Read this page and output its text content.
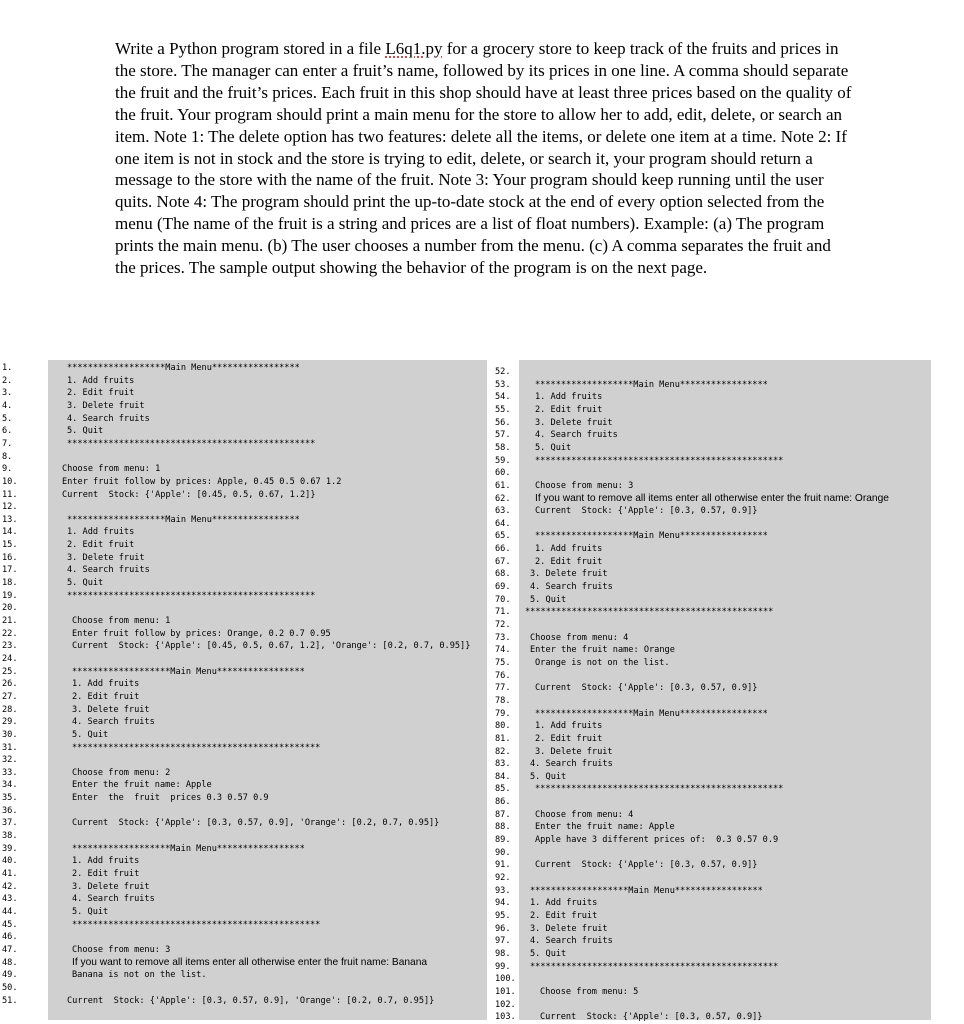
Write a Python program stored in a file L6q1.py for a grocery store to keep track of the fruits and prices in the store. The manager can enter a fruit’s name, followed by its prices in one line. A comma should separate the fruit and the fruit’s prices. Each fruit in this shop should have at least three prices based on the quality of the fruit. Your program should print a main menu for the store to allow her to add, edit, delete, or search an item. Note 1: The delete option has two features: delete all the items, or delete one item at a time. Note 2: If one item is not in stock and the store is trying to edit, delete, or search it, your program should return a message to the store with the name of the fruit. Note 3: Your program should keep running until the user quits. Note 4: The program should print the up-to-date stock at the end of every option selected from the menu (The name of the fruit is a string and prices are a list of float numbers). Example: (a) The program prints the main menu. (b) The user chooses a number from the menu. (c) A comma separates the fruit and the prices. The sample output showing the behavior of the program is on the next page.

1.	*******************Main Menu*****************
2.	1. Add fruits
3.	2. Edit fruit
4.	3. Delete fruit
5.	4. Search fruits
6.	5. Quit
7.	************************************************
8.
9.	Choose from menu: 1
10.	Enter fruit follow by prices: Apple, 0.45 0.5 0.67 1.2
11.	Current  Stock: {'Apple': [0.45, 0.5, 0.67, 1.2]}
12.
13.	*******************Main Menu*****************
14.	1. Add fruits
15.	2. Edit fruit
16.	3. Delete fruit
17.	4. Search fruits
18.	5. Quit
19.	************************************************
20.
21.	Choose from menu: 1
22.	Enter fruit follow by prices: Orange, 0.2 0.7 0.95
23.	Current  Stock: {'Apple': [0.45, 0.5, 0.67, 1.2], 'Orange': [0.2, 0.7, 0.95]}
24.
25.	*******************Main Menu*****************
26.	1. Add fruits
27.	2. Edit fruit
28.	3. Delete fruit
29.	4. Search fruits
30.	5. Quit
31.	************************************************
32.
33.	Choose from menu: 2
34.	Enter the fruit name: Apple
35.	Enter  the  fruit  prices 0.3 0.57 0.9
36.
37.	Current  Stock: {'Apple': [0.3, 0.57, 0.9], 'Orange': [0.2, 0.7, 0.95]}
38.
39.	*******************Main Menu*****************
40.	1. Add fruits
41.	2. Edit fruit
42.	3. Delete fruit
43.	4. Search fruits
44.	5. Quit
45.	************************************************
46.
47.	Choose from menu: 3
48.	If you want to remove all items enter all otherwise enter the fruit name: Banana
49.	Banana is not on the list.
50.
51.	Current  Stock: {'Apple': [0.3, 0.57, 0.9], 'Orange': [0.2, 0.7, 0.95]}
52.
53.	*******************Main Menu*****************
54.	1. Add fruits
55.	2. Edit fruit
56.	3. Delete fruit
57.	4. Search fruits
58.	5. Quit
59.	************************************************
60.
61.	Choose from menu: 3
62. If you want to remove all items enter all otherwise enter the fruit name: Orange
63.	Current  Stock: {'Apple': [0.3, 0.57, 0.9]}
64.
65.	*******************Main Menu*****************
66.	1. Add fruits
67.	2. Edit fruit
68. 3. Delete fruit
69. 4. Search fruits
70. 5. Quit
71. ************************************************
72.
73. Choose from menu: 4
74. Enter the fruit name: Orange
75.	Orange is not on the list.
76.
77.	Current  Stock: {'Apple': [0.3, 0.57, 0.9]}
78.
79.	*******************Main Menu*****************
80.	1. Add fruits
81.	2. Edit fruit
82.	3. Delete fruit
83. 4. Search fruits
84. 5. Quit
85.	************************************************
86.
87.	Choose from menu: 4
88.	Enter the fruit name: Apple
89.	Apple have 3 different prices of:  0.3 0.57 0.9
90.
91.	Current  Stock: {'Apple': [0.3, 0.57, 0.9]}
92.
93. *******************Main Menu*****************
94. 1. Add fruits
95. 2. Edit fruit
96. 3. Delete fruit
97. 4. Search fruits
98. 5. Quit
99. ************************************************
100.
101.	Choose from menu: 5
102.
103.	Current  Stock: {'Apple': [0.3, 0.57, 0.9]}
